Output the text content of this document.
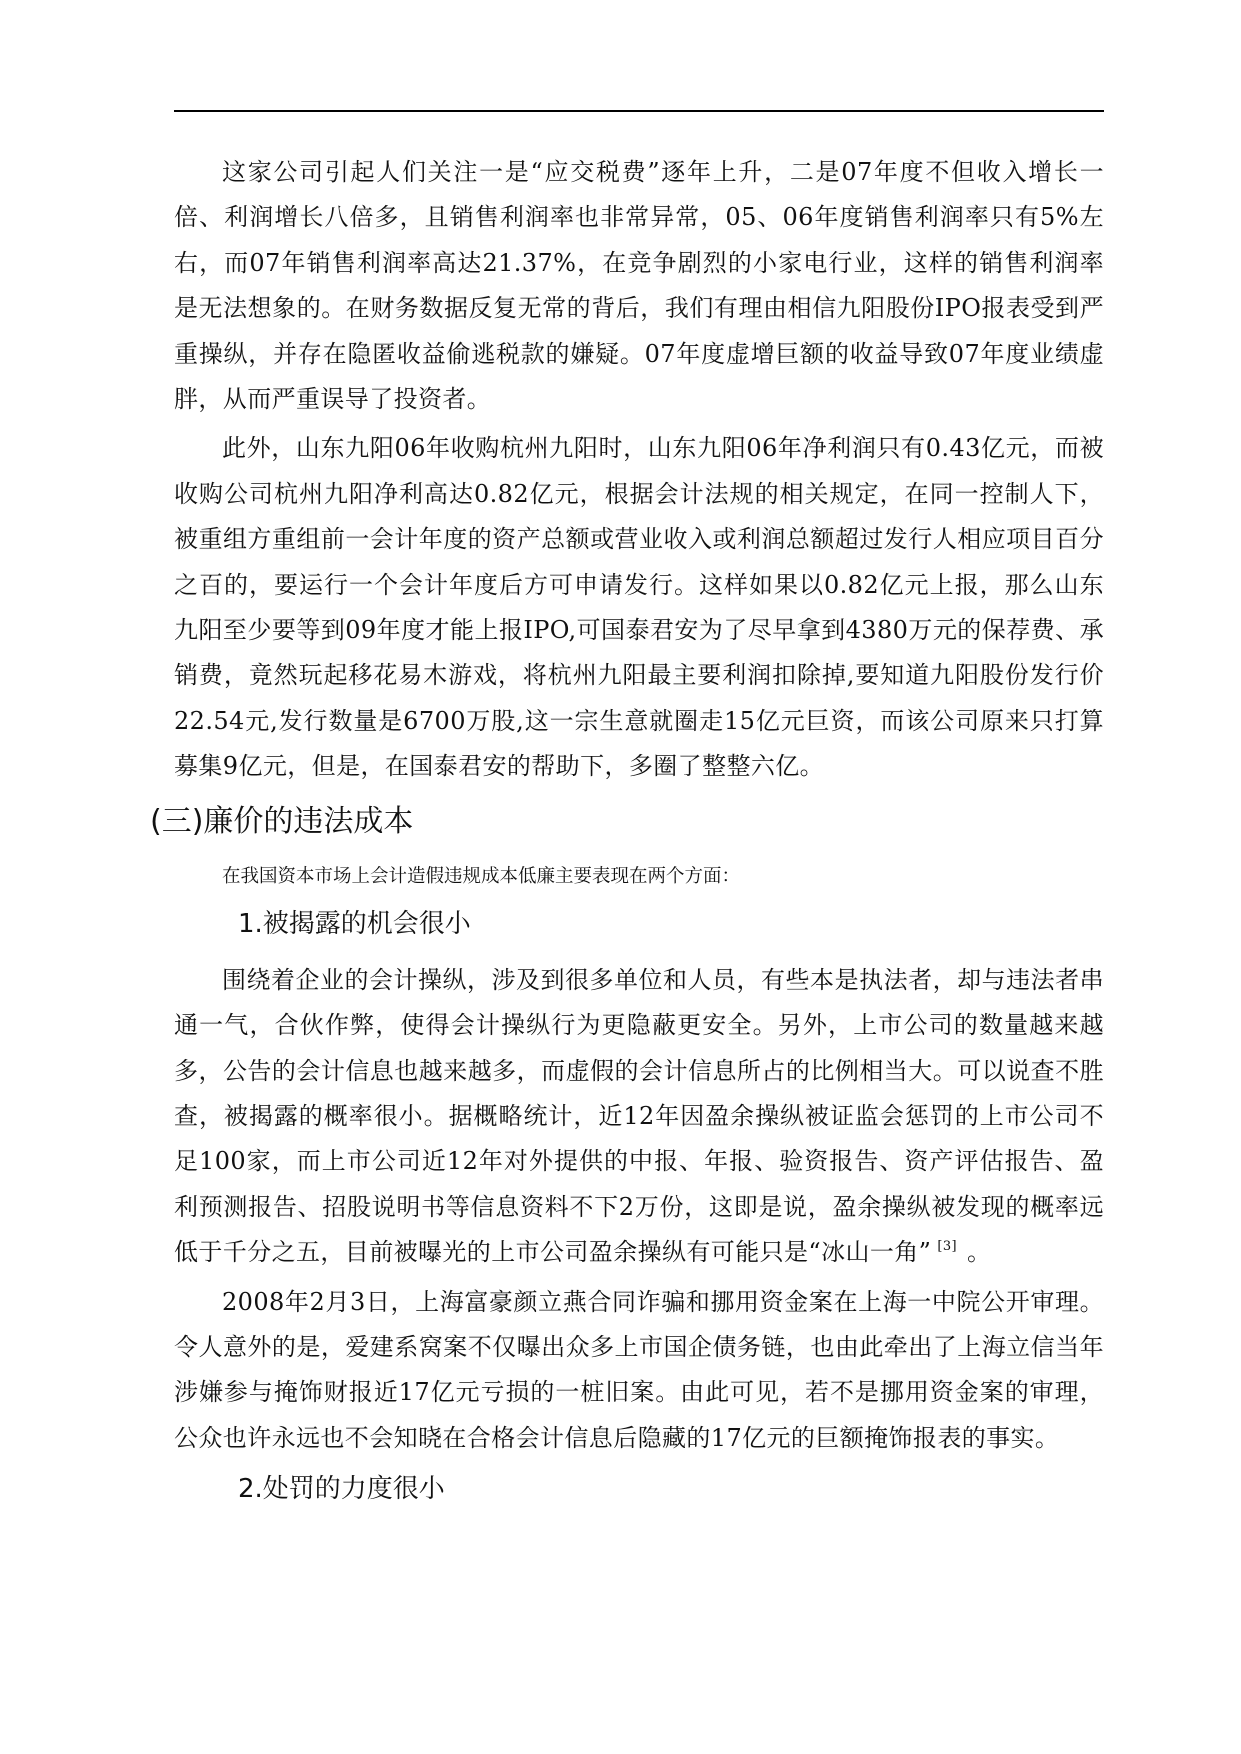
这家公司引起人们关注一是“应交税费”逐年上升，二是07年度不但收入增长一倍、利润增长八倍多，且销售利润率也非常异常，05、06年度销售利润率只有5%左右，而07年销售利润率高达21.37%，在竞争剧烈的小家电行业，这样的销售利润率是无法想象的。在财务数据反复无常的背后，我们有理由相信九阳股份IPO报表受到严重操纵，并存在隐匿收益偷逃税款的嫌疑。07年度虚增巨额的收益导致07年度业绩虚胖，从而严重误导了投资者。

此外，山东九阳06年收购杭州九阳时，山东九阳06年净利润只有0.43亿元，而被收购公司杭州九阳净利高达0.82亿元，根据会计法规的相关规定，在同一控制人下，被重组方重组前一会计年度的资产总额或营业收入或利润总额超过发行人相应项目百分之百的，要运行一个会计年度后方可申请发行。这样如果以0.82亿元上报，那么山东九阳至少要等到09年度才能上报IPO,可国泰君安为了尽早拿到4380万元的保荐费、承销费，竟然玩起移花易木游戏，将杭州九阳最主要利润扣除掉,要知道九阳股份发行价22.54元,发行数量是6700万股,这一宗生意就圈走15亿元巨资，而该公司原来只打算募集9亿元，但是，在国泰君安的帮助下，多圈了整整六亿。

(三)廉价的违法成本

在我国资本市场上会计造假违规成本低廉主要表现在两个方面：

1.被揭露的机会很小

围绕着企业的会计操纵，涉及到很多单位和人员，有些本是执法者，却与违法者串通一气，合伙作弊，使得会计操纵行为更隐蔽更安全。另外，上市公司的数量越来越多，公告的会计信息也越来越多，而虚假的会计信息所占的比例相当大。可以说查不胜查，被揭露的概率很小。据概略统计，近12年因盈余操纵被证监会惩罚的上市公司不足100家，而上市公司近12年对外提供的中报、年报、验资报告、资产评估报告、盈利预测报告、招股说明书等信息资料不下2万份，这即是说，盈余操纵被发现的概率远低于千分之五，目前被曝光的上市公司盈余操纵有可能只是“冰山一角” [3] 。

2008年2月3日，上海富豪颜立燕合同诈骗和挪用资金案在上海一中院公开审理。令人意外的是，爱建系窝案不仅曝出众多上市国企债务链，也由此牵出了上海立信当年涉嫌参与掩饰财报近17亿元亏损的一桩旧案。由此可见，若不是挪用资金案的审理，公众也许永远也不会知晓在合格会计信息后隐藏的17亿元的巨额掩饰报表的事实。

2.处罚的力度很小
